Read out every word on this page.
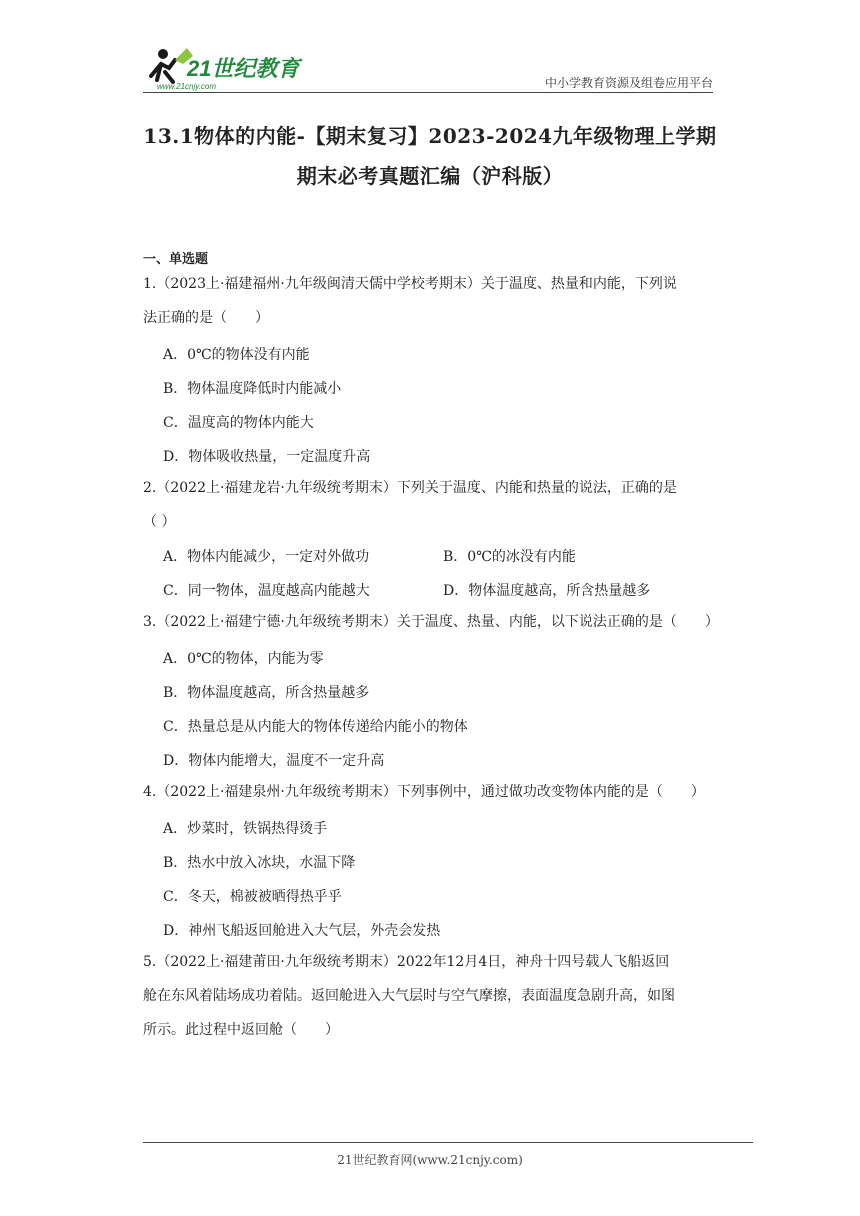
21世纪教育
www.21cnjy.com	中小学教育资源及组卷应用平台
13.1物体的内能-【期末复习】2023-2024九年级物理上学期
期末必考真题汇编（沪科版）
一、单选题
1.（2023上·福建福州·九年级闽清天儒中学校考期末）关于温度、热量和内能，下列说
法正确的是（　　）
A．0℃的物体没有内能
B．物体温度降低时内能减小
C．温度高的物体内能大
D．物体吸收热量，一定温度升高
2.（2022上·福建龙岩·九年级统考期末）下列关于温度、内能和热量的说法，正确的是
（ ）
A．物体内能减少，一定对外做功	B．0℃的冰没有内能
C．同一物体，温度越高内能越大	D．物体温度越高，所含热量越多
3.（2022上·福建宁德·九年级统考期末）关于温度、热量、内能，以下说法正确的是（　　）
A．0℃的物体，内能为零
B．物体温度越高，所含热量越多
C．热量总是从内能大的物体传递给内能小的物体
D．物体内能增大，温度不一定升高
4.（2022上·福建泉州·九年级统考期末）下列事例中，通过做功改变物体内能的是（　　）
A．炒菜时，铁锅热得烫手
B．热水中放入冰块，水温下降
C．冬天，棉被被晒得热乎乎
D．神州飞船返回舱进入大气层，外壳会发热
5.（2022上·福建莆田·九年级统考期末）2022年12月4日，神舟十四号载人飞船返回
舱在东风着陆场成功着陆。返回舱进入大气层时与空气摩擦，表面温度急剧升高，如图
所示。此过程中返回舱（　　）
21世纪教育网(www.21cnjy.com)
